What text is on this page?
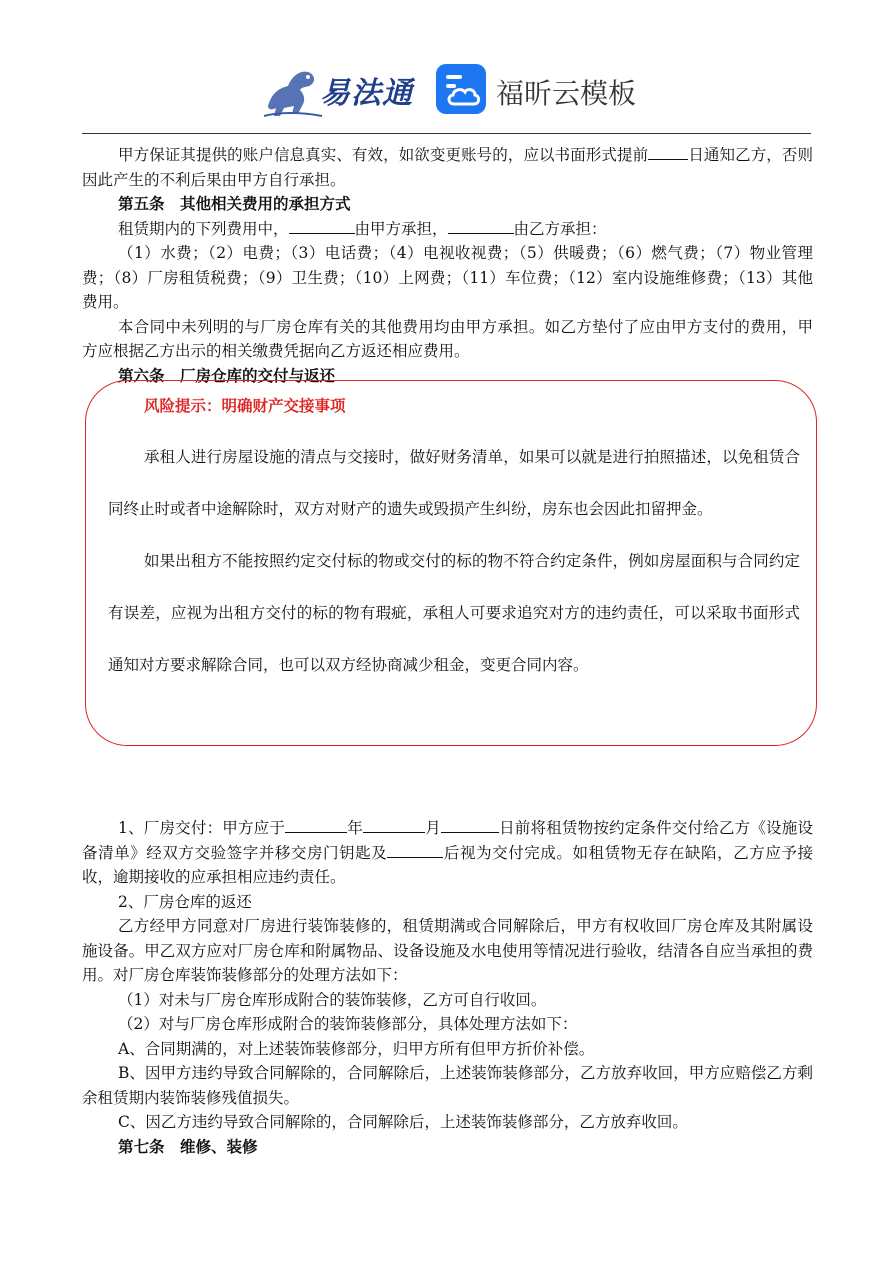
易法通	福昕云模板

甲方保证其提供的账户信息真实、有效，如欲变更账号的，应以书面形式提前	日通知乙方，否则因此产生的不利后果由甲方自行承担。

第五条　其他相关费用的承担方式

租赁期内的下列费用中，	由甲方承担，	由乙方承担：

（1）水费；（2）电费；（3）电话费；（4）电视收视费；（5）供暖费；（6）燃气费；（7）物业管理费；（8）厂房租赁税费；（9）卫生费；（10）上网费；（11）车位费；（12）室内设施维修费；（13）其他费用。

本合同中未列明的与厂房仓库有关的其他费用均由甲方承担。如乙方垫付了应由甲方支付的费用，甲方应根据乙方出示的相关缴费凭据向乙方返还相应费用。

第六条　厂房仓库的交付与返还

风险提示：明确财产交接事项

承租人进行房屋设施的清点与交接时，做好财务清单，如果可以就是进行拍照描述，以免租赁合同终止时或者中途解除时，双方对财产的遗失或毁损产生纠纷，房东也会因此扣留押金。

如果出租方不能按照约定交付标的物或交付的标的物不符合约定条件，例如房屋面积与合同约定有误差，应视为出租方交付的标的物有瑕疵，承租人可要求追究对方的违约责任，可以采取书面形式通知对方要求解除合同，也可以双方经协商减少租金，变更合同内容。

1、厂房交付：甲方应于	年	月	日前将租赁物按约定条件交付给乙方《设施设备清单》经双方交验签字并移交房门钥匙及	后视为交付完成。如租赁物无存在缺陷，乙方应予接收，逾期接收的应承担相应违约责任。

2、厂房仓库的返还

乙方经甲方同意对厂房进行装饰装修的，租赁期满或合同解除后，甲方有权收回厂房仓库及其附属设施设备。甲乙双方应对厂房仓库和附属物品、设备设施及水电使用等情况进行验收，结清各自应当承担的费用。对厂房仓库装饰装修部分的处理方法如下：

（1）对未与厂房仓库形成附合的装饰装修，乙方可自行收回。

（2）对与厂房仓库形成附合的装饰装修部分，具体处理方法如下：

A、合同期满的，对上述装饰装修部分，归甲方所有但甲方折价补偿。

B、因甲方违约导致合同解除的，合同解除后，上述装饰装修部分，乙方放弃收回，甲方应赔偿乙方剩余租赁期内装饰装修残值损失。

C、因乙方违约导致合同解除的，合同解除后，上述装饰装修部分，乙方放弃收回。

第七条　维修、装修
